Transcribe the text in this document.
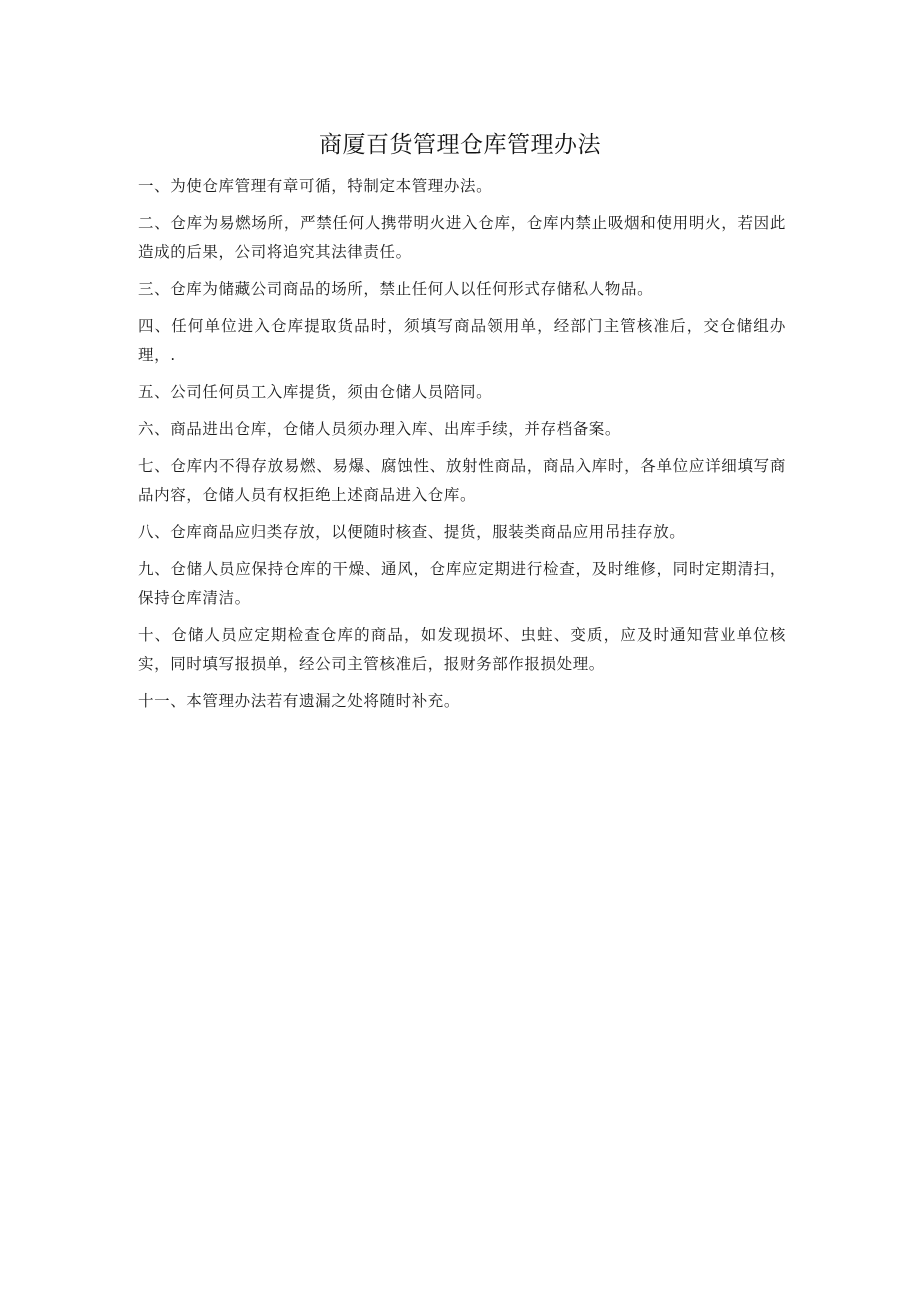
商厦百货管理仓库管理办法
一、为使仓库管理有章可循，特制定本管理办法。
二、仓库为易燃场所，严禁任何人携带明火进入仓库，仓库内禁止吸烟和使用明火，若因此造成的后果，公司将追究其法律责任。
三、仓库为储藏公司商品的场所，禁止任何人以任何形式存储私人物品。
四、任何单位进入仓库提取货品时，须填写商品领用单，经部门主管核准后，交仓储组办理，.
五、公司任何员工入库提货，须由仓储人员陪同。
六、商品进出仓库，仓储人员须办理入库、出库手续，并存档备案。
七、仓库内不得存放易燃、易爆、腐蚀性、放射性商品，商品入库时，各单位应详细填写商品内容，仓储人员有权拒绝上述商品进入仓库。
八、仓库商品应归类存放，以便随时核查、提货，服装类商品应用吊挂存放。
九、仓储人员应保持仓库的干燥、通风，仓库应定期进行检查，及时维修，同时定期清扫，保持仓库清洁。
十、仓储人员应定期检查仓库的商品，如发现损坏、虫蛀、变质，应及时通知营业单位核实，同时填写报损单，经公司主管核准后，报财务部作报损处理。
十一、本管理办法若有遗漏之处将随时补充。
